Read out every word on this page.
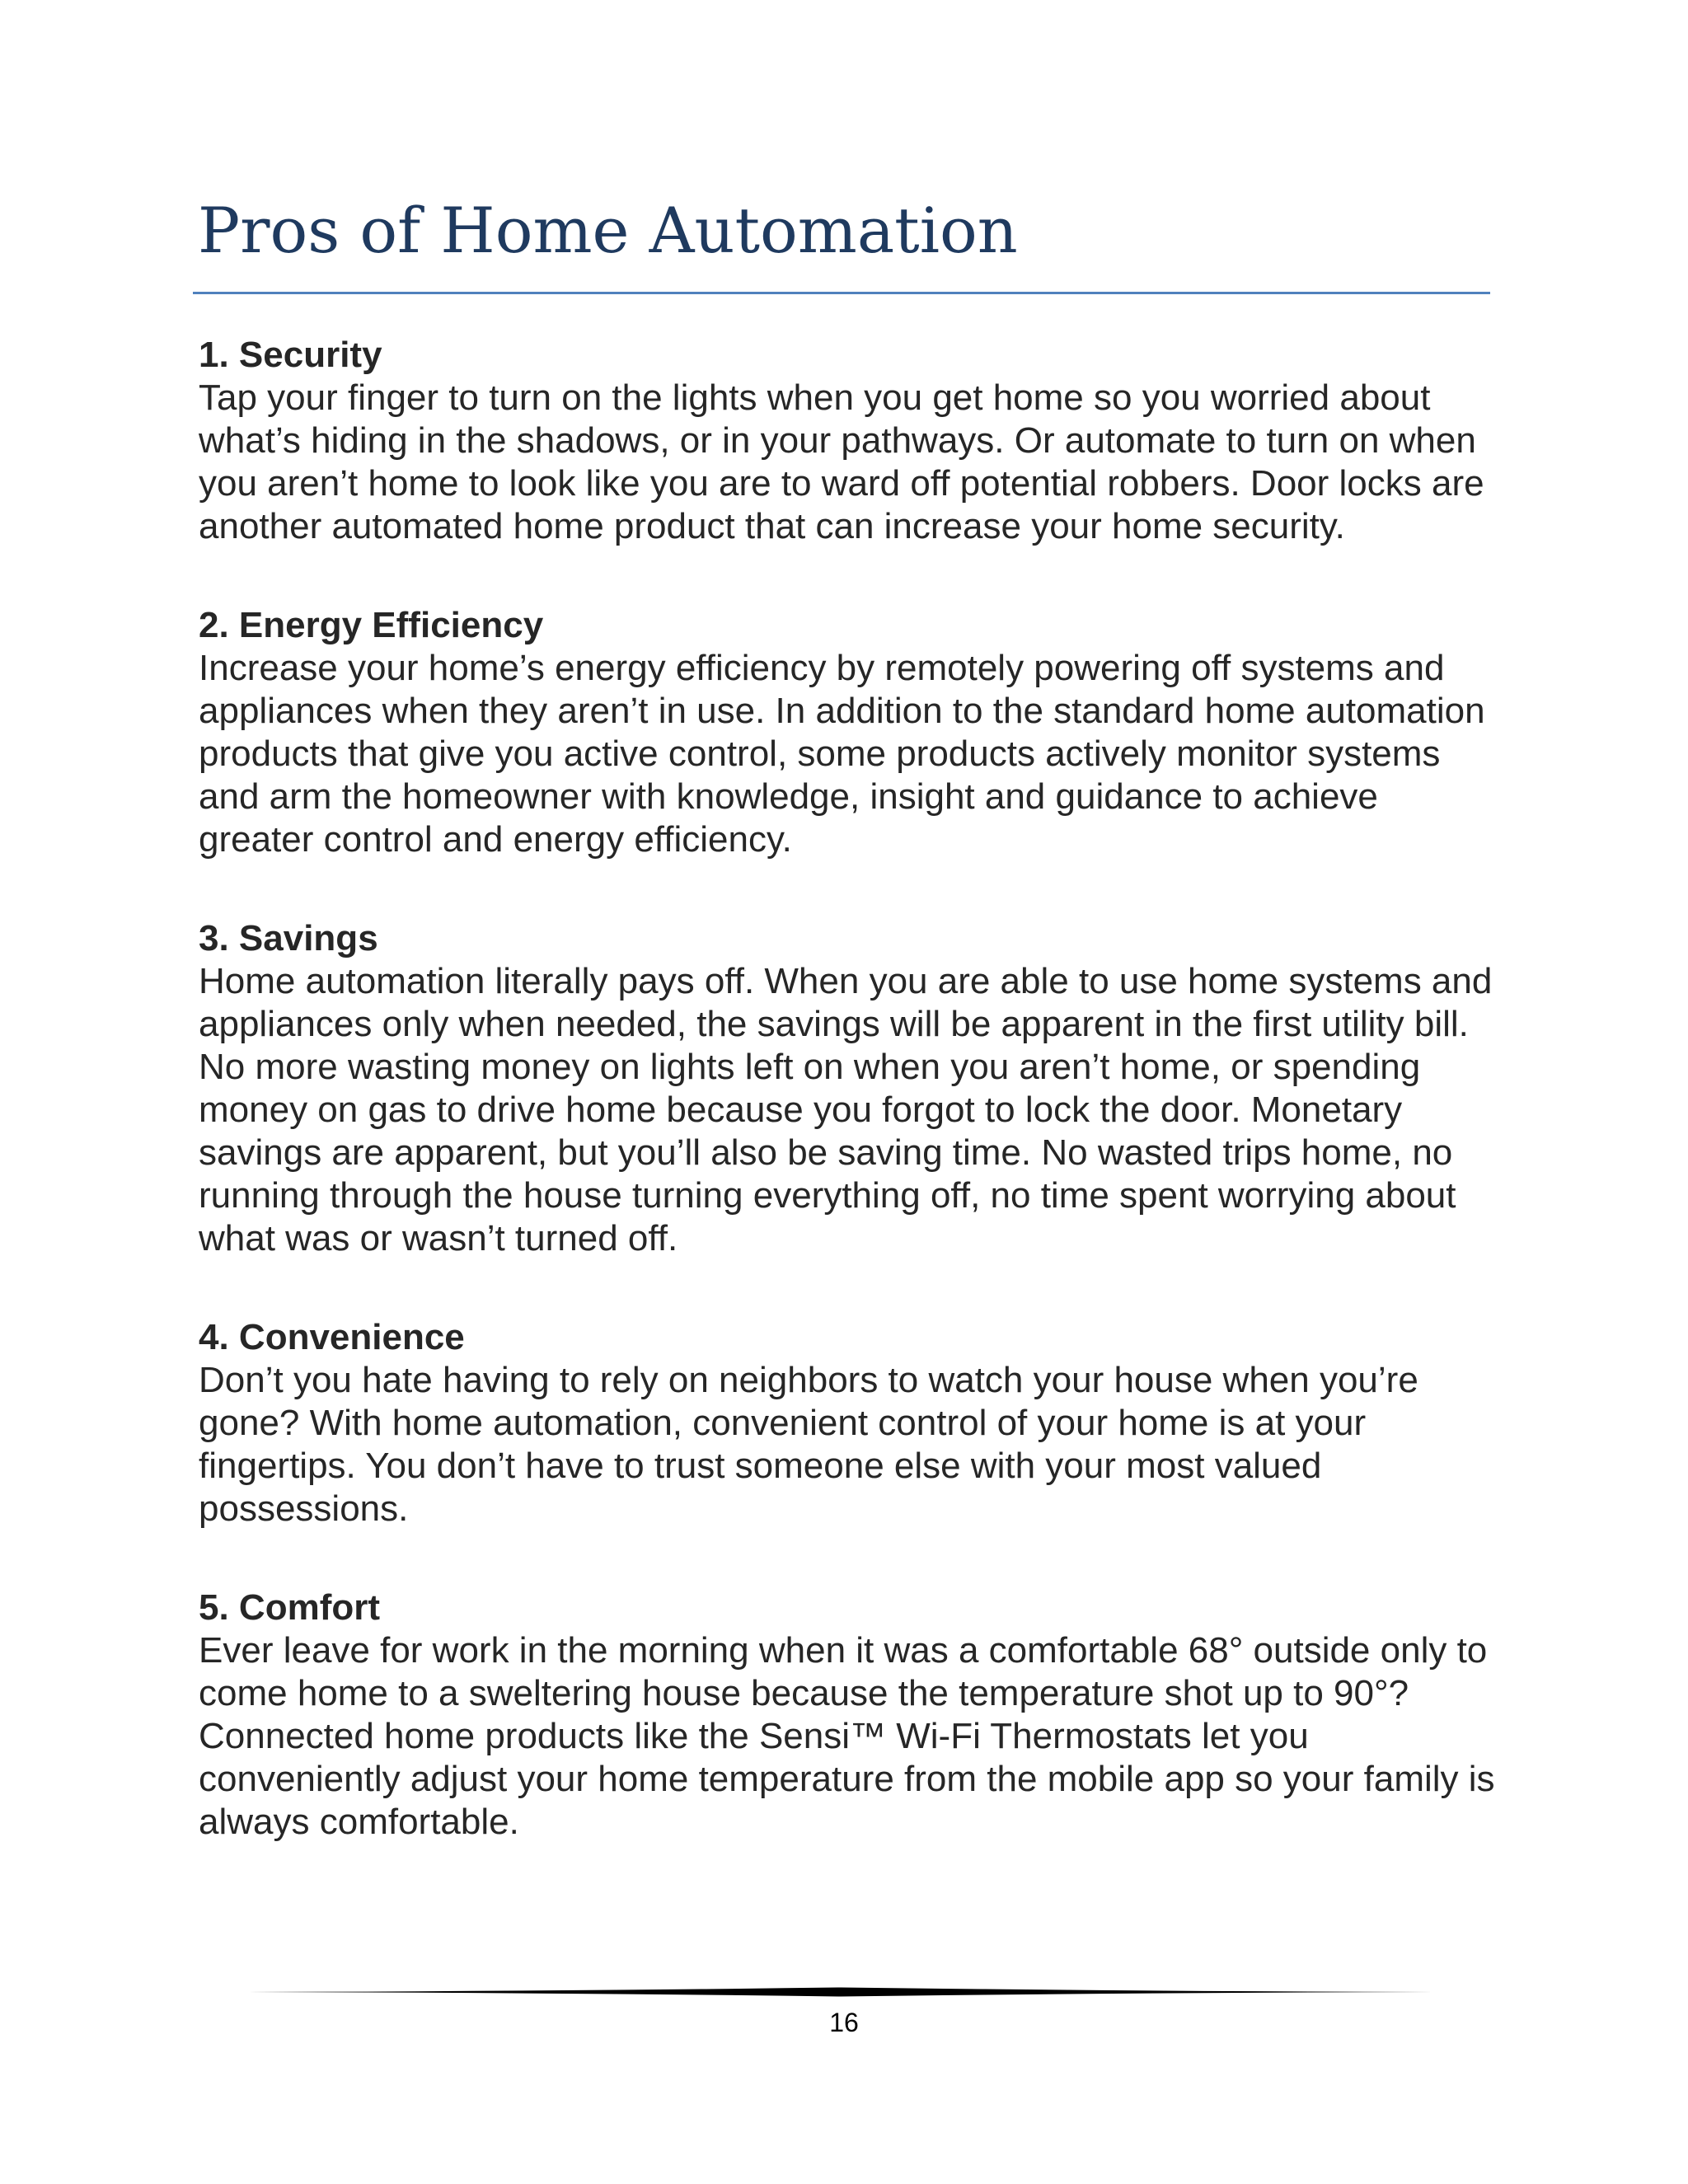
Pros of Home Automation

1. Security

Tap your finger to turn on the lights when you get home so you worried about what’s hiding in the shadows, or in your pathways. Or automate to turn on when you aren’t home to look like you are to ward off potential robbers. Door locks are another automated home product that can increase your home security.

2. Energy Efficiency

Increase your home’s energy efficiency by remotely powering off systems and appliances when they aren’t in use. In addition to the standard home automation products that give you active control, some products actively monitor systems and arm the homeowner with knowledge, insight and guidance to achieve greater control and energy efficiency.

3. Savings

Home automation literally pays off. When you are able to use home systems and appliances only when needed, the savings will be apparent in the first utility bill. No more wasting money on lights left on when you aren’t home, or spending money on gas to drive home because you forgot to lock the door. Monetary savings are apparent, but you’ll also be saving time. No wasted trips home, no running through the house turning everything off, no time spent worrying about what was or wasn’t turned off.

4. Convenience

Don’t you hate having to rely on neighbors to watch your house when you’re gone? With home automation, convenient control of your home is at your fingertips. You don’t have to trust someone else with your most valued possessions.

5. Comfort

Ever leave for work in the morning when it was a comfortable 68° outside only to come home to a sweltering house because the temperature shot up to 90°? Connected home products like the Sensi™ Wi-Fi Thermostats let you conveniently adjust your home temperature from the mobile app so your family is always comfortable.

16
